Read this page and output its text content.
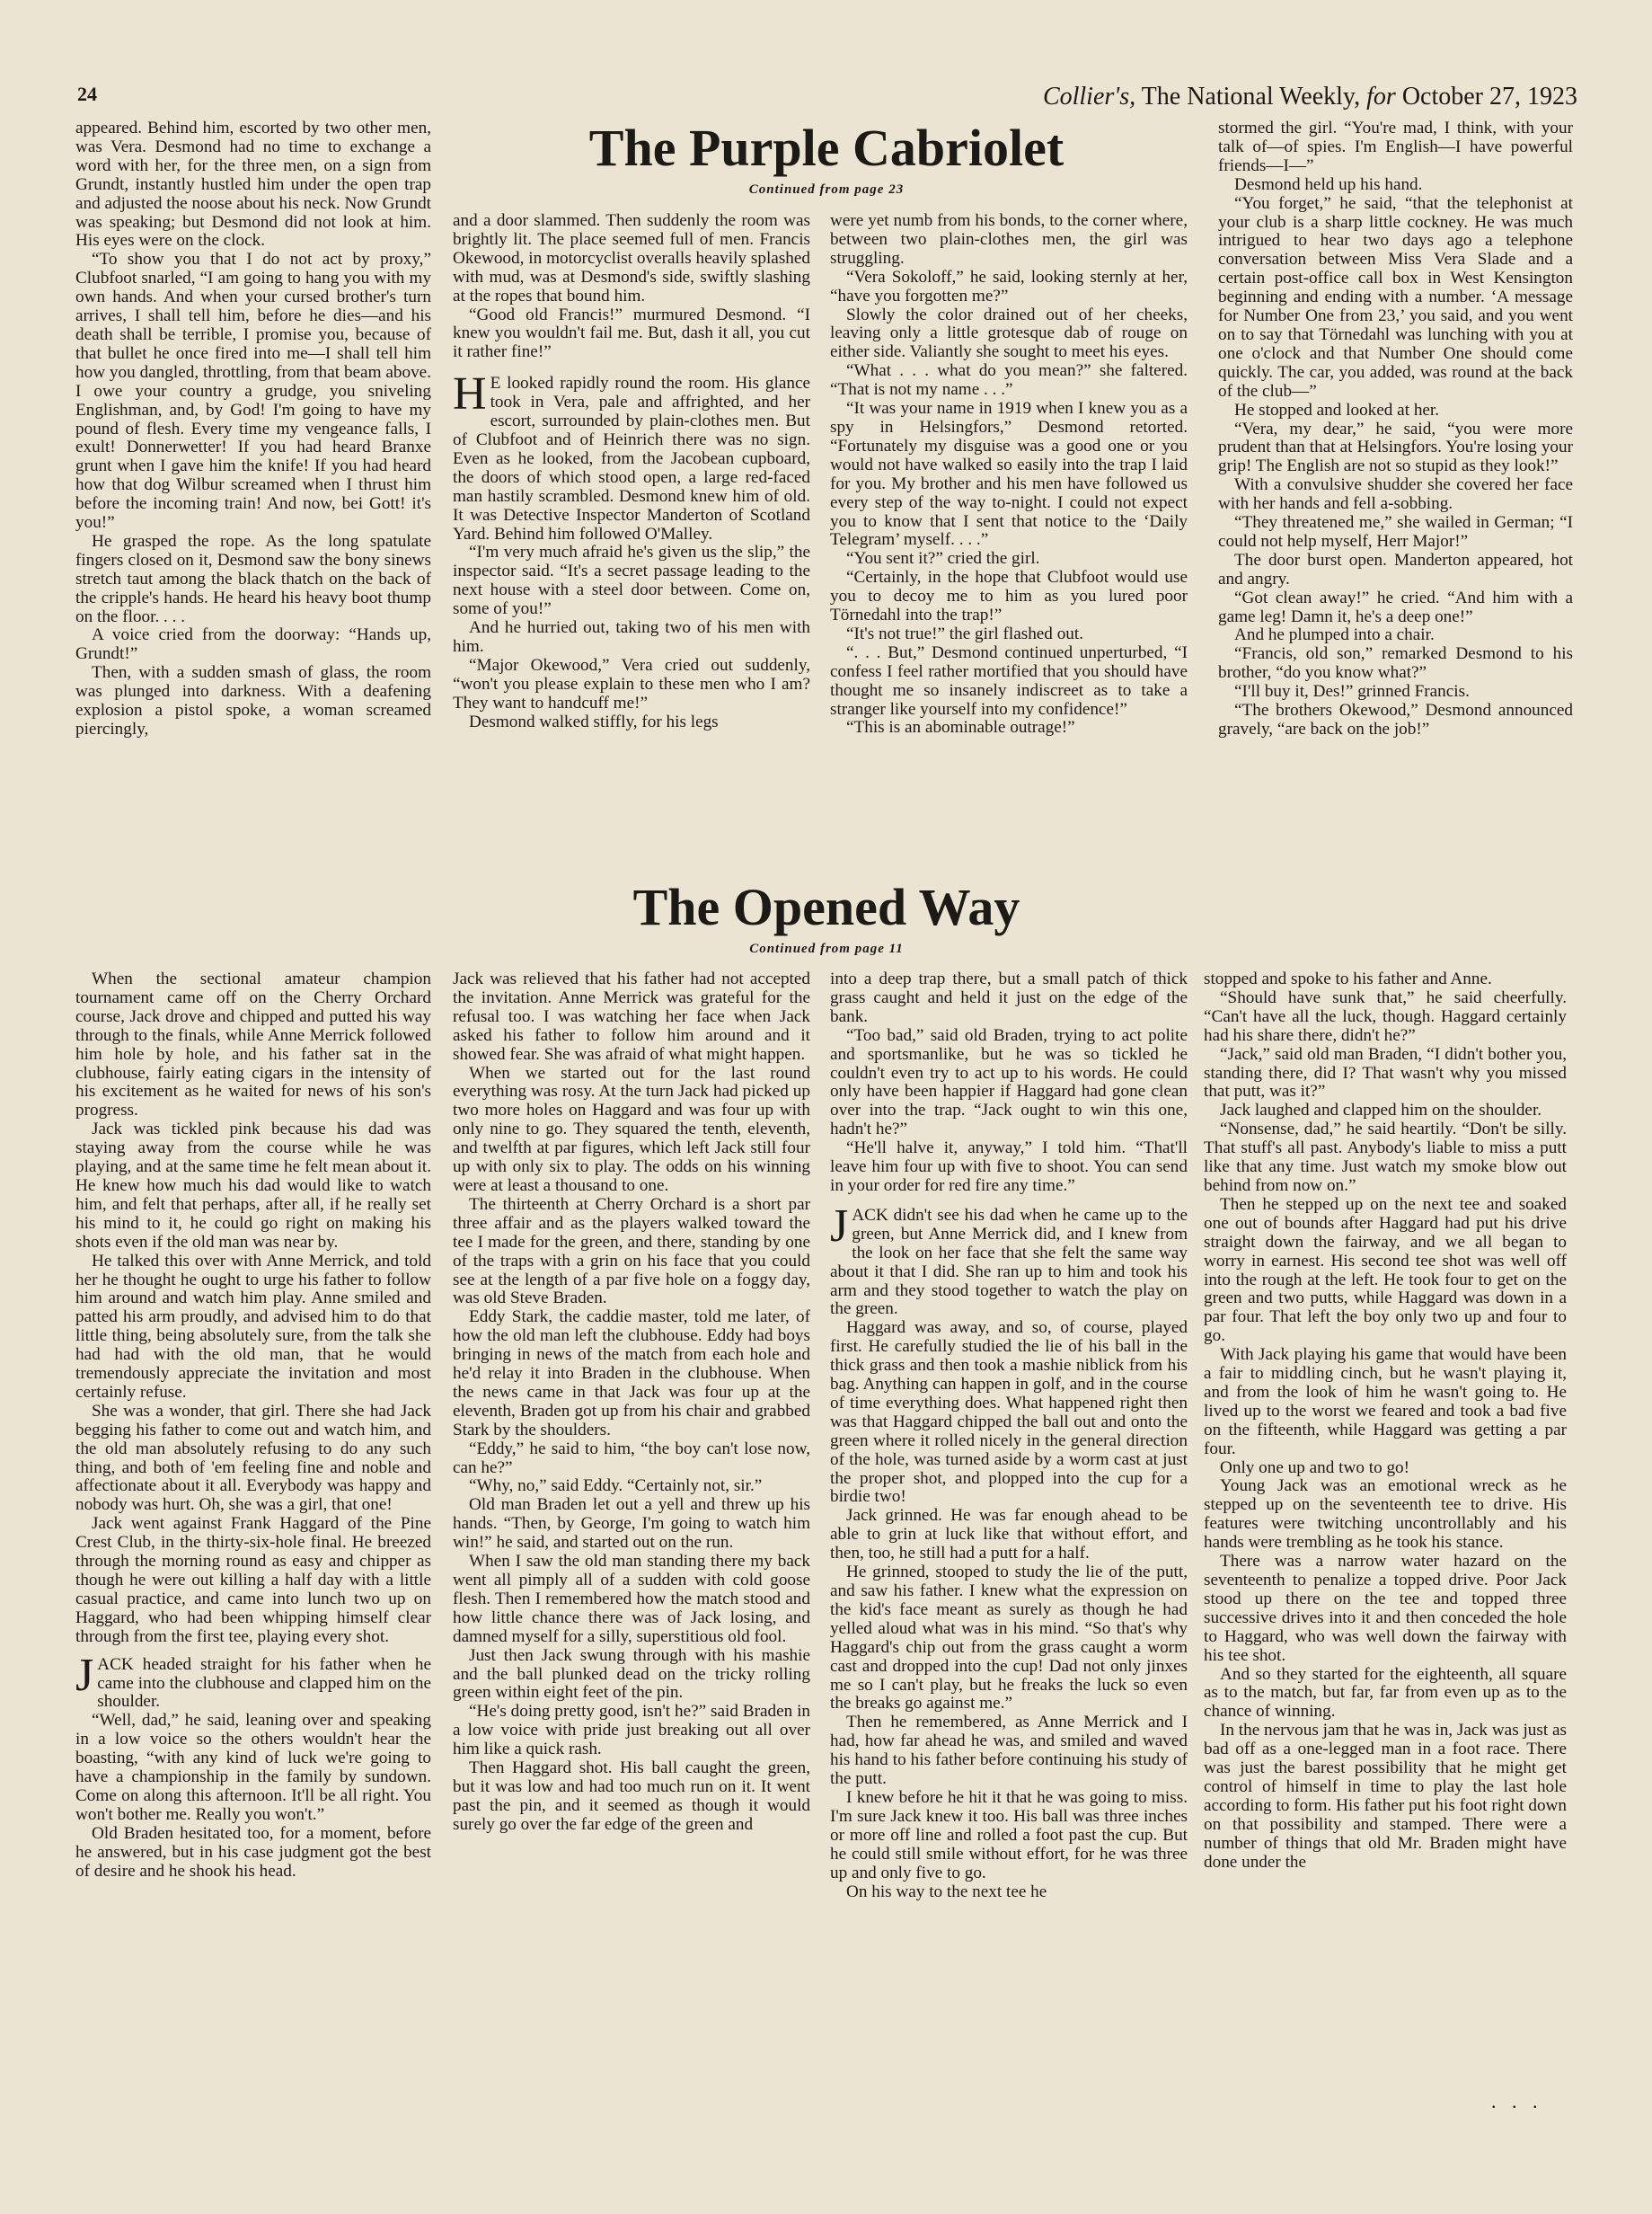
24	Collier's, The National Weekly, for October 27, 1923
The Purple Cabriolet
Continued from page 23

appeared. Behind him, escorted by two other men, was Vera. Desmond had no time to exchange a word with her, for the three men, on a sign from Grundt, instantly hustled him under the open trap and adjusted the noose about his neck. Now Grundt was speaking; but Desmond did not look at him. His eyes were on the clock.

“To show you that I do not act by proxy,” Clubfoot snarled, “I am going to hang you with my own hands. And when your cursed brother's turn arrives, I shall tell him, before he dies—and his death shall be terrible, I promise you, because of that bullet he once fired into me—I shall tell him how you dangled, throttling, from that beam above. I owe your country a grudge, you sniveling Englishman, and, by God! I'm going to have my pound of flesh. Every time my vengeance falls, I exult! Donnerwetter! If you had heard Branxe grunt when I gave him the knife! If you had heard how that dog Wilbur screamed when I thrust him before the incoming train! And now, bei Gott! it's you!”

He grasped the rope. As the long spatulate fingers closed on it, Desmond saw the bony sinews stretch taut among the black thatch on the back of the cripple's hands. He heard his heavy boot thump on the floor. . . .

A voice cried from the doorway: “Hands up, Grundt!”

Then, with a sudden smash of glass, the room was plunged into darkness. With a deafening explosion a pistol spoke, a woman screamed piercingly,

and a door slammed. Then suddenly the room was brightly lit. The place seemed full of men. Francis Okewood, in motorcyclist overalls heavily splashed with mud, was at Desmond's side, swiftly slashing at the ropes that bound him.

“Good old Francis!” murmured Desmond. “I knew you wouldn't fail me. But, dash it all, you cut it rather fine!”

HE looked rapidly round the room. His glance took in Vera, pale and affrighted, and her escort, surrounded by plain-clothes men. But of Clubfoot and of Heinrich there was no sign. Even as he looked, from the Jacobean cupboard, the doors of which stood open, a large red-faced man hastily scrambled. Desmond knew him of old. It was Detective Inspector Manderton of Scotland Yard. Behind him followed O'Malley.

“I'm very much afraid he's given us the slip,” the inspector said. “It's a secret passage leading to the next house with a steel door between. Come on, some of you!”

And he hurried out, taking two of his men with him.

“Major Okewood,” Vera cried out suddenly, “won't you please explain to these men who I am? They want to handcuff me!”

Desmond walked stiffly, for his legs

were yet numb from his bonds, to the corner where, between two plain-clothes men, the girl was struggling.

“Vera Sokoloff,” he said, looking sternly at her, “have you forgotten me?”

Slowly the color drained out of her cheeks, leaving only a little grotesque dab of rouge on either side. Valiantly she sought to meet his eyes.

“What . . . what do you mean?” she faltered. “That is not my name . . .”

“It was your name in 1919 when I knew you as a spy in Helsingfors,” Desmond retorted. “Fortunately my disguise was a good one or you would not have walked so easily into the trap I laid for you. My brother and his men have followed us every step of the way to-night. I could not expect you to know that I sent that notice to the ‘Daily Telegram’ myself. . . .”

“You sent it?” cried the girl.

“Certainly, in the hope that Clubfoot would use you to decoy me to him as you lured poor Törnedahl into the trap!”

“It's not true!” the girl flashed out.

“. . . But,” Desmond continued unperturbed, “I confess I feel rather mortified that you should have thought me so insanely indiscreet as to take a stranger like yourself into my confidence!”

“This is an abominable outrage!”

stormed the girl. “You're mad, I think, with your talk of—of spies. I'm English—I have powerful friends—I—”

Desmond held up his hand.

“You forget,” he said, “that the telephonist at your club is a sharp little cockney. He was much intrigued to hear two days ago a telephone conversation between Miss Vera Slade and a certain post-office call box in West Kensington beginning and ending with a number. ‘A message for Number One from 23,’ you said, and you went on to say that Törnedahl was lunching with you at one o'clock and that Number One should come quickly. The car, you added, was round at the back of the club—”

He stopped and looked at her.

“Vera, my dear,” he said, “you were more prudent than that at Helsingfors. You're losing your grip! The English are not so stupid as they look!”

With a convulsive shudder she covered her face with her hands and fell a-sobbing.

“They threatened me,” she wailed in German; “I could not help myself, Herr Major!”

The door burst open. Manderton appeared, hot and angry.

“Got clean away!” he cried. “And him with a game leg! Damn it, he's a deep one!”

And he plumped into a chair.

“Francis, old son,” remarked Desmond to his brother, “do you know what?”

“I'll buy it, Des!” grinned Francis.

“The brothers Okewood,” Desmond announced gravely, “are back on the job!”

The Opened Way
Continued from page 11

When the sectional amateur champion tournament came off on the Cherry Orchard course, Jack drove and chipped and putted his way through to the finals, while Anne Merrick followed him hole by hole, and his father sat in the clubhouse, fairly eating cigars in the intensity of his excitement as he waited for news of his son's progress.

Jack was tickled pink because his dad was staying away from the course while he was playing, and at the same time he felt mean about it. He knew how much his dad would like to watch him, and felt that perhaps, after all, if he really set his mind to it, he could go right on making his shots even if the old man was near by.

He talked this over with Anne Merrick, and told her he thought he ought to urge his father to follow him around and watch him play. Anne smiled and patted his arm proudly, and advised him to do that little thing, being absolutely sure, from the talk she had had with the old man, that he would tremendously appreciate the invitation and most certainly refuse.

She was a wonder, that girl. There she had Jack begging his father to come out and watch him, and the old man absolutely refusing to do any such thing, and both of 'em feeling fine and noble and affectionate about it all. Everybody was happy and nobody was hurt. Oh, she was a girl, that one!

Jack went against Frank Haggard of the Pine Crest Club, in the thirty-six-hole final. He breezed through the morning round as easy and chipper as though he were out killing a half day with a little casual practice, and came into lunch two up on Haggard, who had been whipping himself clear through from the first tee, playing every shot.

JACK headed straight for his father when he came into the clubhouse and clapped him on the shoulder.

“Well, dad,” he said, leaning over and speaking in a low voice so the others wouldn't hear the boasting, “with any kind of luck we're going to have a championship in the family by sundown. Come on along this afternoon. It'll be all right. You won't bother me. Really you won't.”

Old Braden hesitated too, for a moment, before he answered, but in his case judgment got the best of desire and he shook his head.

Jack was relieved that his father had not accepted the invitation. Anne Merrick was grateful for the refusal too. I was watching her face when Jack asked his father to follow him around and it showed fear. She was afraid of what might happen.

When we started out for the last round everything was rosy. At the turn Jack had picked up two more holes on Haggard and was four up with only nine to go. They squared the tenth, eleventh, and twelfth at par figures, which left Jack still four up with only six to play. The odds on his winning were at least a thousand to one.

The thirteenth at Cherry Orchard is a short par three affair and as the players walked toward the tee I made for the green, and there, standing by one of the traps with a grin on his face that you could see at the length of a par five hole on a foggy day, was old Steve Braden.

Eddy Stark, the caddie master, told me later, of how the old man left the clubhouse. Eddy had boys bringing in news of the match from each hole and he'd relay it into Braden in the clubhouse. When the news came in that Jack was four up at the eleventh, Braden got up from his chair and grabbed Stark by the shoulders.

“Eddy,” he said to him, “the boy can't lose now, can he?”

“Why, no,” said Eddy. “Certainly not, sir.”

Old man Braden let out a yell and threw up his hands. “Then, by George, I'm going to watch him win!” he said, and started out on the run.

When I saw the old man standing there my back went all pimply all of a sudden with cold goose flesh. Then I remembered how the match stood and how little chance there was of Jack losing, and damned myself for a silly, superstitious old fool.

Just then Jack swung through with his mashie and the ball plunked dead on the tricky rolling green within eight feet of the pin.

“He's doing pretty good, isn't he?” said Braden in a low voice with pride just breaking out all over him like a quick rash.

Then Haggard shot. His ball caught the green, but it was low and had too much run on it. It went past the pin, and it seemed as though it would surely go over the far edge of the green and

into a deep trap there, but a small patch of thick grass caught and held it just on the edge of the bank.

“Too bad,” said old Braden, trying to act polite and sportsmanlike, but he was so tickled he couldn't even try to act up to his words. He could only have been happier if Haggard had gone clean over into the trap. “Jack ought to win this one, hadn't he?”

“He'll halve it, anyway,” I told him. “That'll leave him four up with five to shoot. You can send in your order for red fire any time.”

JACK didn't see his dad when he came up to the green, but Anne Merrick did, and I knew from the look on her face that she felt the same way about it that I did. She ran up to him and took his arm and they stood together to watch the play on the green.

Haggard was away, and so, of course, played first. He carefully studied the lie of his ball in the thick grass and then took a mashie niblick from his bag. Anything can happen in golf, and in the course of time everything does. What happened right then was that Haggard chipped the ball out and onto the green where it rolled nicely in the general direction of the hole, was turned aside by a worm cast at just the proper shot, and plopped into the cup for a birdie two!

Jack grinned. He was far enough ahead to be able to grin at luck like that without effort, and then, too, he still had a putt for a half.

He grinned, stooped to study the lie of the putt, and saw his father. I knew what the expression on the kid's face meant as surely as though he had yelled aloud what was in his mind. “So that's why Haggard's chip out from the grass caught a worm cast and dropped into the cup! Dad not only jinxes me so I can't play, but he freaks the luck so even the breaks go against me.”

Then he remembered, as Anne Merrick and I had, how far ahead he was, and smiled and waved his hand to his father before continuing his study of the putt.

I knew before he hit it that he was going to miss. I'm sure Jack knew it too. His ball was three inches or more off line and rolled a foot past the cup. But he could still smile without effort, for he was three up and only five to go.

On his way to the next tee he

stopped and spoke to his father and Anne.

“Should have sunk that,” he said cheerfully. “Can't have all the luck, though. Haggard certainly had his share there, didn't he?”

“Jack,” said old man Braden, “I didn't bother you, standing there, did I? That wasn't why you missed that putt, was it?”

Jack laughed and clapped him on the shoulder.

“Nonsense, dad,” he said heartily. “Don't be silly. That stuff's all past. Anybody's liable to miss a putt like that any time. Just watch my smoke blow out behind from now on.”

Then he stepped up on the next tee and soaked one out of bounds after Haggard had put his drive straight down the fairway, and we all began to worry in earnest. His second tee shot was well off into the rough at the left. He took four to get on the green and two putts, while Haggard was down in a par four. That left the boy only two up and four to go.

With Jack playing his game that would have been a fair to middling cinch, but he wasn't playing it, and from the look of him he wasn't going to. He lived up to the worst we feared and took a bad five on the fifteenth, while Haggard was getting a par four.

Only one up and two to go!

Young Jack was an emotional wreck as he stepped up on the seventeenth tee to drive. His features were twitching uncontrollably and his hands were trembling as he took his stance.

There was a narrow water hazard on the seventeenth to penalize a topped drive. Poor Jack stood up there on the tee and topped three successive drives into it and then conceded the hole to Haggard, who was well down the fairway with his tee shot.

And so they started for the eighteenth, all square as to the match, but far, far from even up as to the chance of winning.

In the nervous jam that he was in, Jack was just as bad off as a one-legged man in a foot race. There was just the barest possibility that he might get control of himself in time to play the last hole according to form. His father put his foot right down on that possibility and stamped. There were a number of things that old Mr. Braden might have done under the

. . .
